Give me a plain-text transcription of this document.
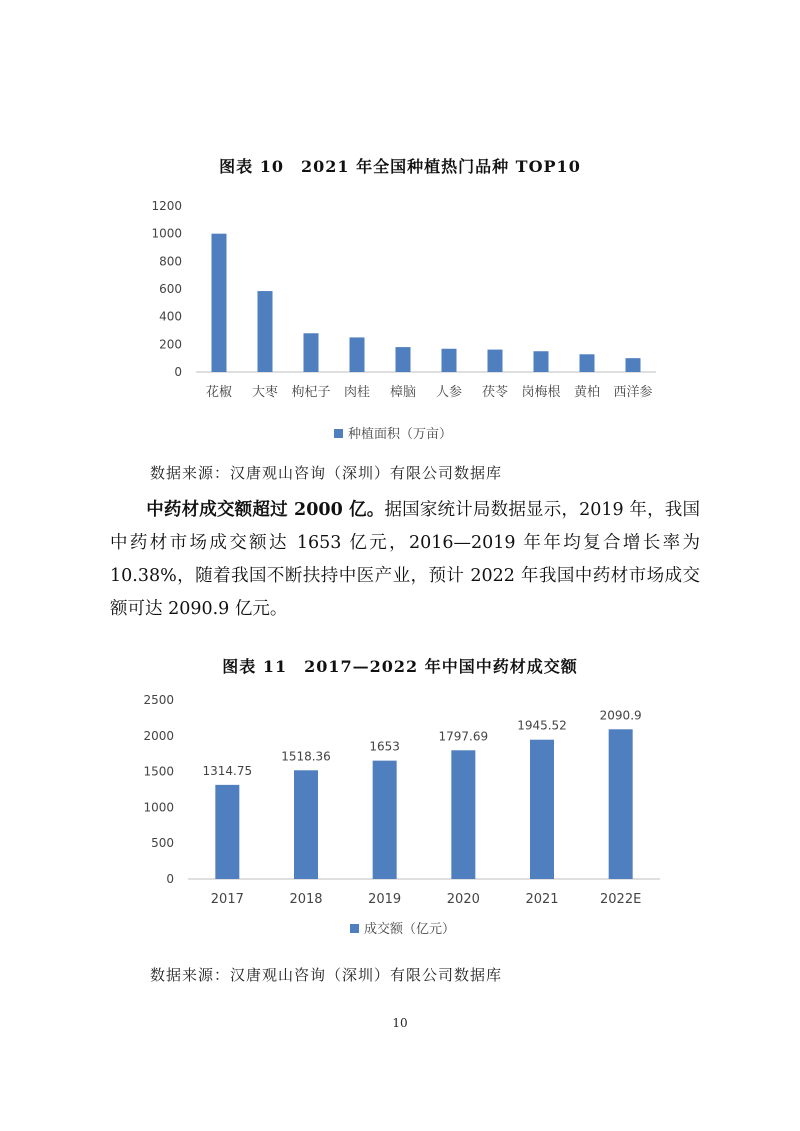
图表 10　2021 年全国种植热门品种 TOP10
0
200
400
600
800
1000
1200
花椒 大枣 枸杞子 肉桂 樟脑 人参 茯苓 岗梅根 黄柏 西洋参
种植面积（万亩）
数据来源：汉唐观山咨询（深圳）有限公司数据库
中药材成交额超过 2000 亿。据国家统计局数据显示，2019 年，我国中药材市场成交额达 1653 亿元，2016—2019 年年均复合增长率为 10.38%，随着我国不断扶持中医产业，预计 2022 年我国中药材市场成交额可达 2090.9 亿元。
图表 11　2017—2022 年中国中药材成交额
0
500
1000
1500
2000
2500
2017
1314.75
2018
1518.36
2019
1653
2020
1797.69
2021
1945.52
2022E
2090.9
成交额（亿元）
数据来源：汉唐观山咨询（深圳）有限公司数据库
10
